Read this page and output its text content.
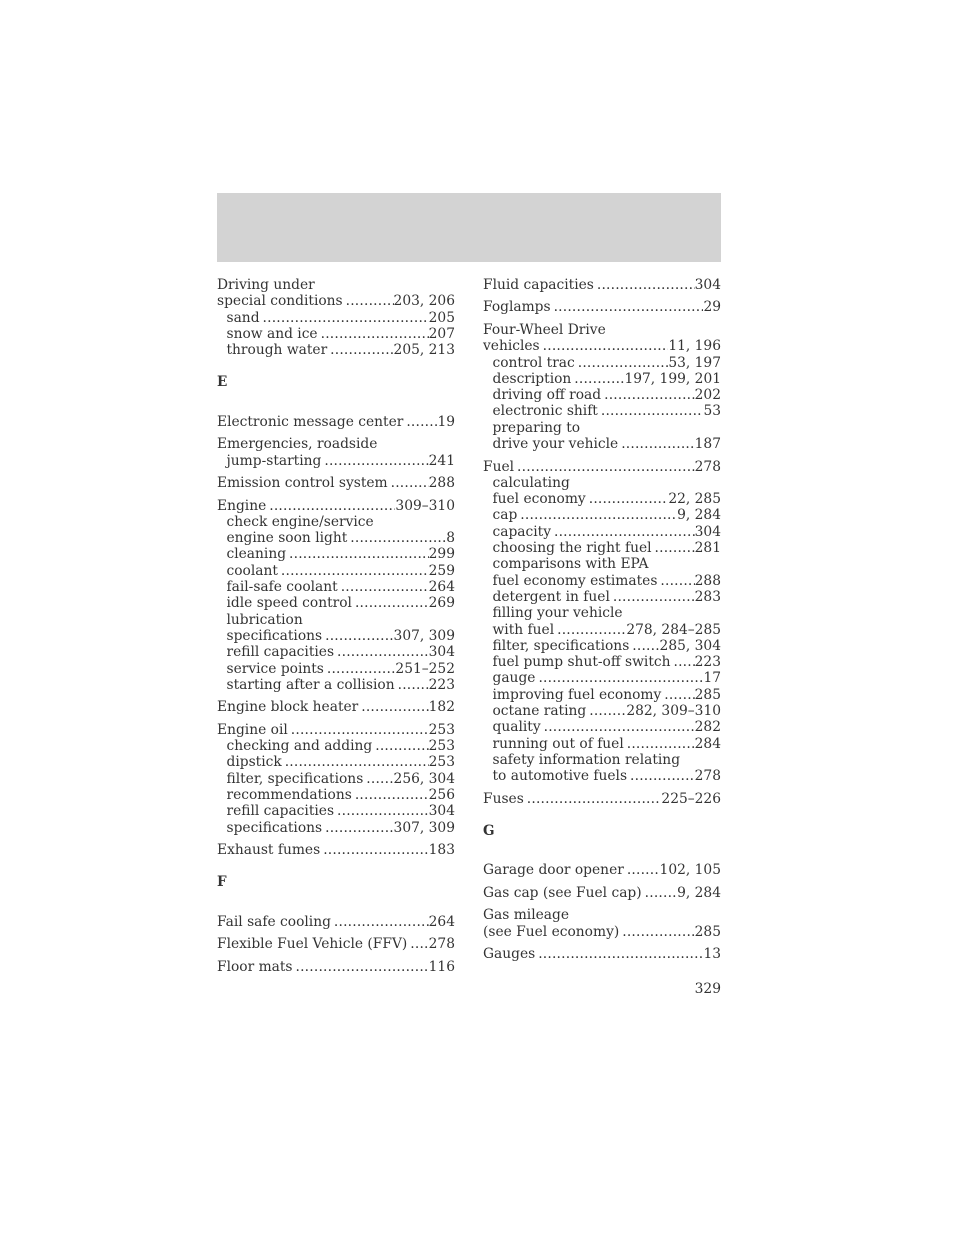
Driving under
special conditions .....	203, 206
sand .....	205
snow and ice .....	207
through water .....	205, 213
E
Electronic message center ..... 19
Emergencies, roadside
jump-starting .....	241
Emission control system .....	288
Engine .....	309–310
check engine/service
engine soon light .....	8
cleaning .....	299
coolant .....	259
fail-safe coolant .....	264
idle speed control .....	269
lubrication
specifications .....	307, 309
refill capacities .....	304
service points .....	251–252
starting after a collision ..... 223
Engine block heater .....	182
Engine oil .....	253
checking and adding .....	253
dipstick .....	253
filter, specifications ..... 256, 304
recommendations .....	256
refill capacities .....	304
specifications .....	307, 309
Exhaust fumes .....	183
F
Fail safe cooling .....	264
Flexible Fuel Vehicle (FFV) ..... 278
Floor mats .....	116
Fluid capacities .....	304
Foglamps .....	29
Four-Wheel Drive
vehicles .....	11, 196
control trac .....	53, 197
description .....	197, 199, 201
driving off road .....	202
electronic shift .....	53
preparing to
drive your vehicle .....	187
Fuel .....	278
calculating
fuel economy .....	22, 285
cap .....	9, 284
capacity .....	304
choosing the right fuel .....	281
comparisons with EPA
fuel economy estimates .....	288
detergent in fuel .....	283
filling your vehicle
with fuel .....	278, 284–285
filter, specifications ..... 285, 304
fuel pump shut-off switch ..... 223
gauge .....	17
improving fuel economy ..... 285
octane rating .....	282, 309–310
quality .....	282
running out of fuel .....	284
safety information relating
to automotive fuels .....	278
Fuses .....	225–226
G
Garage door opener .....	102, 105
Gas cap (see Fuel cap) .....	9, 284
Gas mileage
(see Fuel economy) .....	285
Gauges .....	13
329
